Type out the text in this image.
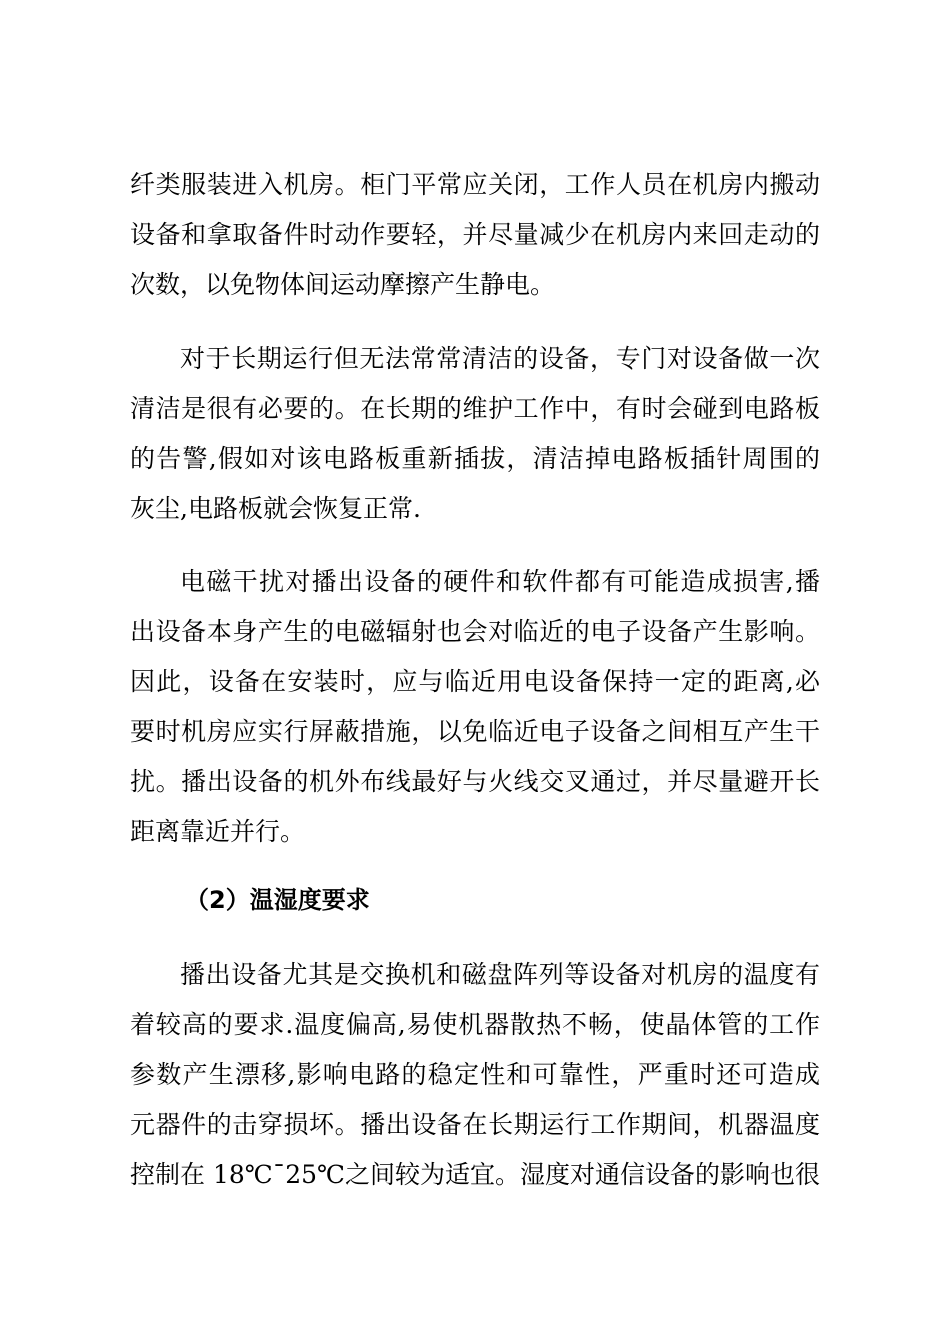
纤类服装进入机房。柜门平常应关闭，工作人员在机房内搬动
设备和拿取备件时动作要轻，并尽量减少在机房内来回走动的
次数，以免物体间运动摩擦产生静电。
对于长期运行但无法常常清洁的设备，专门对设备做一次
清洁是很有必要的。在长期的维护工作中，有时会碰到电路板
的告警,假如对该电路板重新插拔，清洁掉电路板插针周围的
灰尘,电路板就会恢复正常.
电磁干扰对播出设备的硬件和软件都有可能造成损害,播
出设备本身产生的电磁辐射也会对临近的电子设备产生影响。
因此，设备在安装时，应与临近用电设备保持一定的距离,必
要时机房应实行屏蔽措施，以免临近电子设备之间相互产生干
扰。播出设备的机外布线最好与火线交叉通过，并尽量避开长
距离靠近并行。
（2）温湿度要求
播出设备尤其是交换机和磁盘阵列等设备对机房的温度有
着较高的要求.温度偏高,易使机器散热不畅，使晶体管的工作
参数产生漂移,影响电路的稳定性和可靠性，严重时还可造成
元器件的击穿损坏。播出设备在长期运行工作期间，机器温度
控制在 18℃¯25℃之间较为适宜。湿度对通信设备的影响也很
